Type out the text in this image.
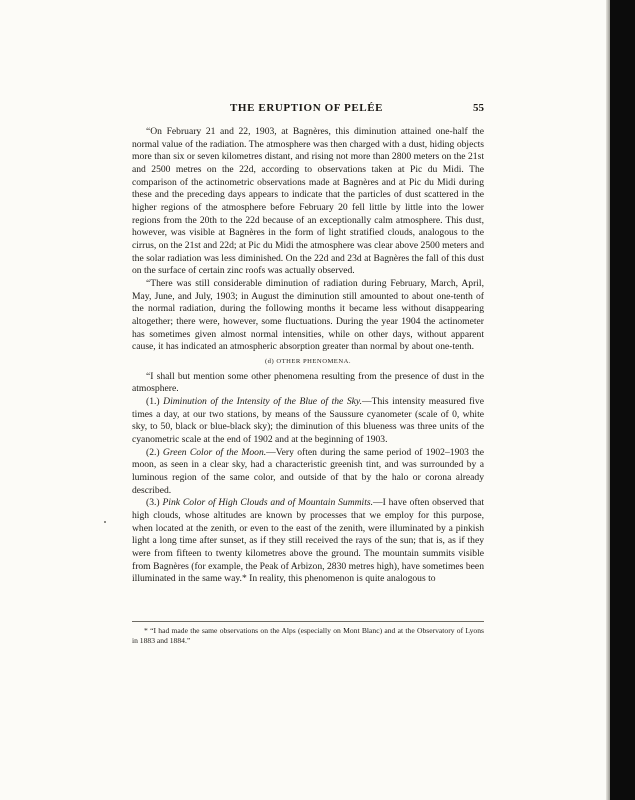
THE ERUPTION OF PELÉE	55

“On February 21 and 22, 1903, at Bagnères, this diminution attained one-half the normal value of the radiation. The atmosphere was then charged with a dust, hiding objects more than six or seven kilometres distant, and rising not more than 2800 meters on the 21st and 2500 metres on the 22d, according to observations taken at Pic du Midi. The comparison of the actinometric observations made at Bagnères and at Pic du Midi during these and the preceding days appears to indicate that the particles of dust scattered in the higher regions of the atmosphere before February 20 fell little by little into the lower regions from the 20th to the 22d because of an exceptionally calm atmosphere. This dust, however, was visible at Bagnères in the form of light stratified clouds, analogous to the cirrus, on the 21st and 22d; at Pic du Midi the atmosphere was clear above 2500 meters and the solar radiation was less diminished. On the 22d and 23d at Bagnères the fall of this dust on the surface of certain zinc roofs was actually observed.

“There was still considerable diminution of radiation during February, March, April, May, June, and July, 1903; in August the diminution still amounted to about one-tenth of the normal radiation, during the following months it became less without disappearing altogether; there were, however, some fluctuations. During the year 1904 the actinometer has sometimes given almost normal intensities, while on other days, without apparent cause, it has indicated an atmospheric absorption greater than normal by about one-tenth.

(d) OTHER PHENOMENA.

“I shall but mention some other phenomena resulting from the presence of dust in the atmosphere.

(1.) Diminution of the Intensity of the Blue of the Sky.—This intensity measured five times a day, at our two stations, by means of the Saussure cyanometer (scale of 0, white sky, to 50, black or blue-black sky); the diminution of this blueness was three units of the cyanometric scale at the end of 1902 and at the beginning of 1903.

(2.) Green Color of the Moon.—Very often during the same period of 1902–1903 the moon, as seen in a clear sky, had a characteristic greenish tint, and was surrounded by a luminous region of the same color, and outside of that by the halo or corona already described.

(3.) Pink Color of High Clouds and of Mountain Summits.—I have often observed that high clouds, whose altitudes are known by processes that we employ for this purpose, when located at the zenith, or even to the east of the zenith, were illuminated by a pinkish light a long time after sunset, as if they still received the rays of the sun; that is, as if they were from fifteen to twenty kilometres above the ground. The mountain summits visible from Bagnères (for example, the Peak of Arbizon, 2830 metres high), have sometimes been illuminated in the same way.* In reality, this phenomenon is quite analogous to

* “I had made the same observations on the Alps (especially on Mont Blanc) and at the Observatory of Lyons in 1883 and 1884.”
